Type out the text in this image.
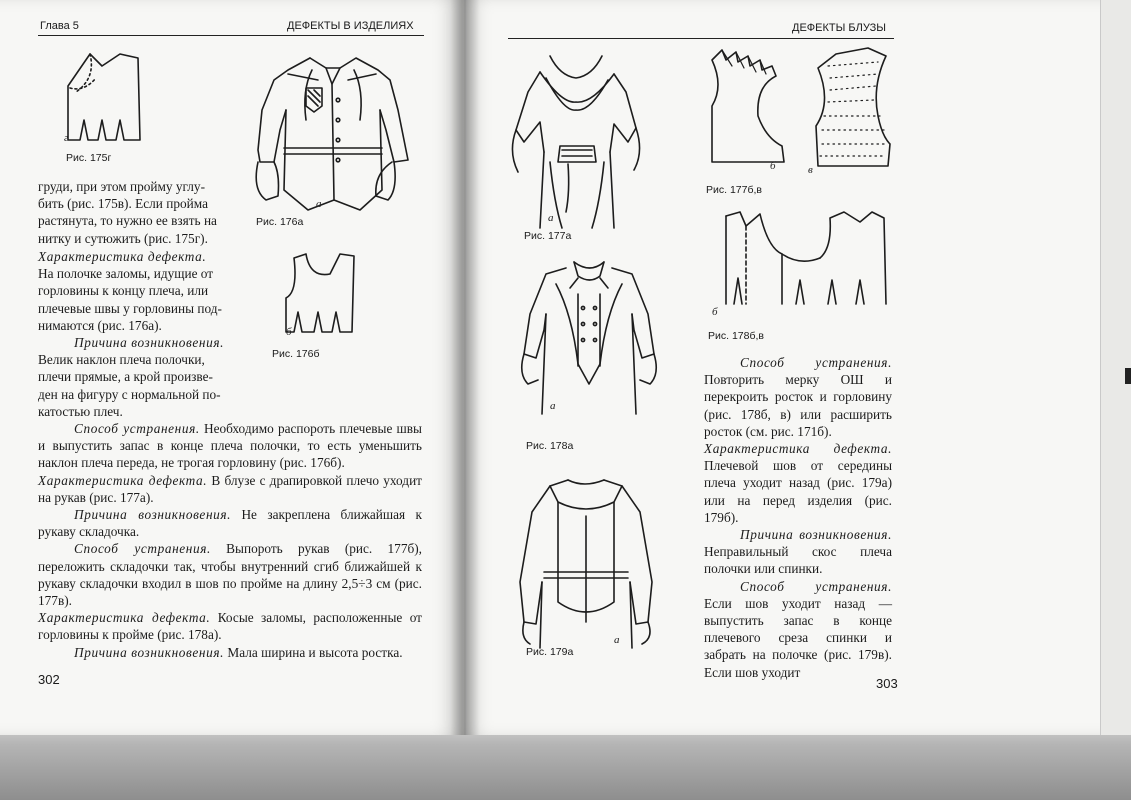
Глава 5	ДЕФЕКТЫ В ИЗДЕЛИЯХ	ДЕФЕКТЫ БЛУЗЫ
г
Рис. 175г
а
Рис. 176а
б
Рис. 176б

груди, при этом пройму углу-

бить (рис. 175в). Если пройма

растянута, то нужно ее взять на

нитку и сутюжить (рис. 175г).

Характеристика дефекта.

На полочке заломы, идущие от

горловины к концу плеча, или

плечевые швы у горловины под-

нимаются (рис. 176а).

Причина возникновения.

Велик наклон плеча полочки,

плечи прямые, а крой произве-

ден на фигуру с нормальной по-

катостью плеч.

Способ устранения. Необходимо распороть плечевые швы и выпустить запас в конце плеча полочки, то есть уменьшить наклон плеча переда, не трогая горловину (рис. 176б).

Характеристика дефекта. В блузе с драпировкой плечо уходит на рукав (рис. 177а).

Причина возникновения. Не закреплена ближайшая к рукаву складочка.

Способ устранения. Выпороть рукав (рис. 177б), переложить складочки так, чтобы внутренний сгиб ближайшей к рукаву складочки входил в шов по пройме на длину 2,5÷3 см (рис. 177в).

Характеристика дефекта. Косые заломы, расположенные от горловины к пройме (рис. 178а).

Причина возникновения. Мала ширина и высота ростка.

302
а
Рис. 177а
б	в
Рис. 177б,в
а
Рис. 178а
б
Рис. 178б,в
а
Рис. 179а

Способ устранения. Повторить мерку ОШ и перекроить росток и горловину (рис. 178б, в) или расширить росток (см. рис. 171б).

Характеристика дефекта. Плечевой шов от середины плеча уходит назад (рис. 179а) или на перед изделия (рис. 179б).

Причина возникновения. Неправильный скос плеча полочки или спинки.

Способ устранения. Если шов уходит назад — выпустить запас в конце плечевого среза спинки и забрать на полочке (рис. 179в). Если шов уходит

303
